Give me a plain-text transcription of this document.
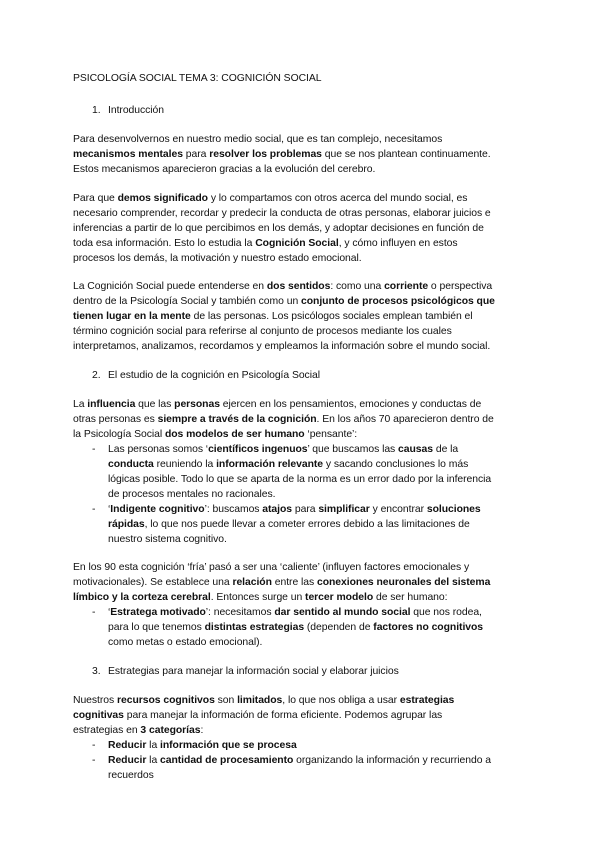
PSICOLOGÍA SOCIAL TEMA 3: COGNICIÓN SOCIAL
1. Introducción
Para desenvolvernos en nuestro medio social, que es tan complejo, necesitamos
mecanismos mentales para resolver los problemas que se nos plantean continuamente.
Estos mecanismos aparecieron gracias a la evolución del cerebro.
Para que demos significado y lo compartamos con otros acerca del mundo social, es
necesario comprender, recordar y predecir la conducta de otras personas, elaborar juicios e
inferencias a partir de lo que percibimos en los demás, y adoptar decisiones en función de
toda esa información. Esto lo estudia la Cognición Social, y cómo influyen en estos
procesos los demás, la motivación y nuestro estado emocional.
La Cognición Social puede entenderse en dos sentidos: como una corriente o perspectiva
dentro de la Psicología Social y también como un conjunto de procesos psicológicos que
tienen lugar en la mente de las personas. Los psicólogos sociales emplean también el
término cognición social para referirse al conjunto de procesos mediante los cuales
interpretamos, analizamos, recordamos y empleamos la información sobre el mundo social.
2. El estudio de la cognición en Psicología Social
La influencia que las personas ejercen en los pensamientos, emociones y conductas de
otras personas es siempre a través de la cognición. En los años 70 aparecieron dentro de
la Psicología Social dos modelos de ser humano ‘pensante’:
- Las personas somos ‘científicos ingenuos’ que buscamos las causas de la
conducta reuniendo la información relevante y sacando conclusiones lo más
lógicas posible. Todo lo que se aparta de la norma es un error dado por la inferencia
de procesos mentales no racionales.
- ‘Indigente cognitivo’: buscamos atajos para simplificar y encontrar soluciones
rápidas, lo que nos puede llevar a cometer errores debido a las limitaciones de
nuestro sistema cognitivo.
En los 90 esta cognición ‘fría’ pasó a ser una ‘caliente’ (influyen factores emocionales y
motivacionales). Se establece una relación entre las conexiones neuronales del sistema
límbico y la corteza cerebral. Entonces surge un tercer modelo de ser humano:
- ‘Estratega motivado’: necesitamos dar sentido al mundo social que nos rodea,
para lo que tenemos distintas estrategias (dependen de factores no cognitivos
como metas o estado emocional).
3. Estrategias para manejar la información social y elaborar juicios
Nuestros recursos cognitivos son limitados, lo que nos obliga a usar estrategias
cognitivas para manejar la información de forma eficiente. Podemos agrupar las
estrategias en 3 categorías:
- Reducir la información que se procesa
- Reducir la cantidad de procesamiento organizando la información y recurriendo a
recuerdos
